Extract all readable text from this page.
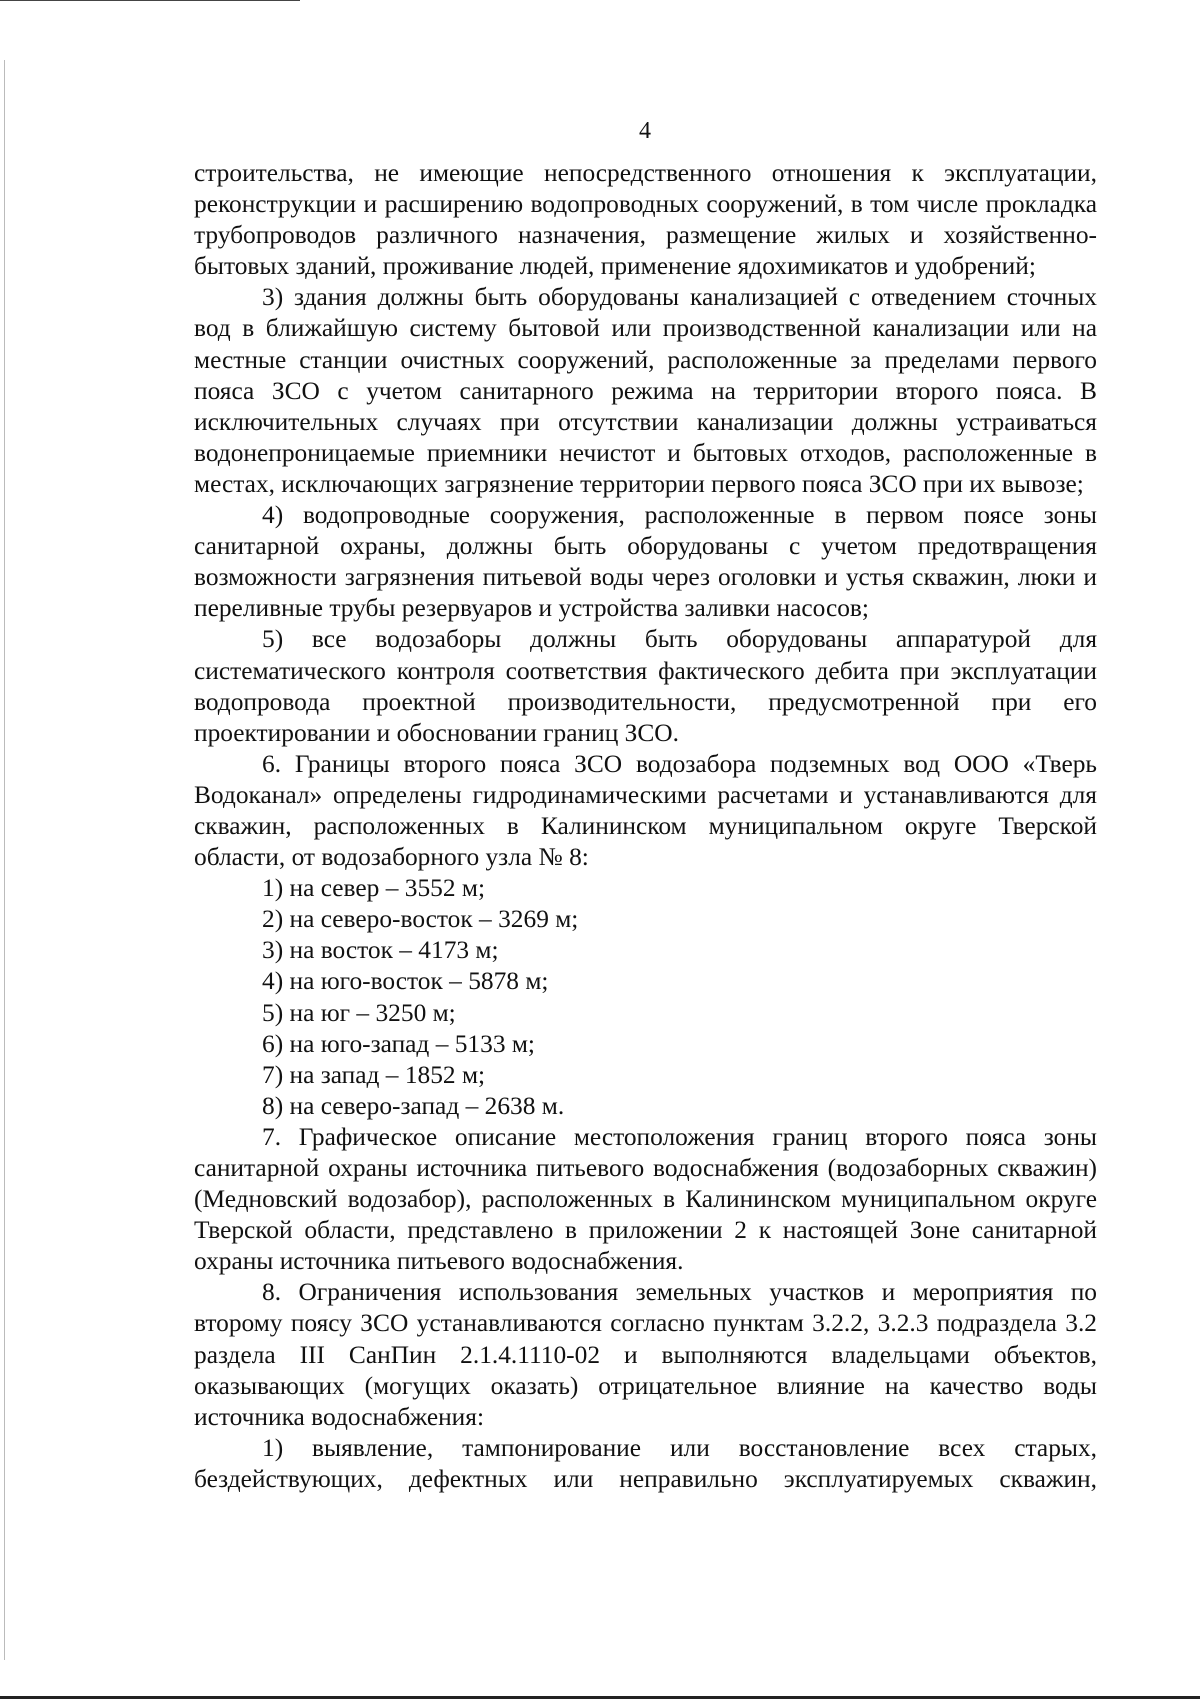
4

строительства, не имеющие непосредственного отношения к эксплуатации, реконструкции и расширению водопроводных сооружений, в том числе прокладка трубопроводов различного назначения, размещение жилых и хозяйственно-бытовых зданий, проживание людей, применение ядохимикатов и удобрений;

3) здания должны быть оборудованы канализацией с отведением сточных вод в ближайшую систему бытовой или производственной канализации или на местные станции очистных сооружений, расположенные за пределами первого пояса ЗСО с учетом санитарного режима на территории второго пояса. В исключительных случаях при отсутствии канализации должны устраиваться водонепроницаемые приемники нечистот и бытовых отходов, расположенные в местах, исключающих загрязнение территории первого пояса ЗСО при их вывозе;

4) водопроводные сооружения, расположенные в первом поясе зоны санитарной охраны, должны быть оборудованы с учетом предотвращения возможности загрязнения питьевой воды через оголовки и устья скважин, люки и переливные трубы резервуаров и устройства заливки насосов;

5) все водозаборы должны быть оборудованы аппаратурой для систематического контроля соответствия фактического дебита при эксплуатации водопровода проектной производительности, предусмотренной при его проектировании и обосновании границ ЗСО.

6. Границы второго пояса ЗСО водозабора подземных вод ООО «Тверь Водоканал» определены гидродинамическими расчетами и устанавливаются для скважин, расположенных в Калининском муниципальном округе Тверской области, от водозаборного узла № 8:

1) на север – 3552 м;

2) на северо-восток – 3269 м;

3) на восток – 4173 м;

4) на юго-восток – 5878 м;

5) на юг – 3250 м;

6) на юго-запад – 5133 м;

7) на запад – 1852 м;

8) на северо-запад – 2638 м.

7. Графическое описание местоположения границ второго пояса зоны санитарной охраны источника питьевого водоснабжения (водозаборных скважин) (Медновский водозабор), расположенных в Калининском муниципальном округе Тверской области, представлено в приложении 2 к настоящей Зоне санитарной охраны источника питьевого водоснабжения.

8. Ограничения использования земельных участков и мероприятия по второму поясу ЗСО устанавливаются согласно пунктам 3.2.2, 3.2.3 подраздела 3.2 раздела III СанПин 2.1.4.1110-02 и выполняются владельцами объектов, оказывающих (могущих оказать) отрицательное влияние на качество воды источника водоснабжения:

1) выявление, тампонирование или восстановление всех старых, бездействующих, дефектных или неправильно эксплуатируемых скважин,
